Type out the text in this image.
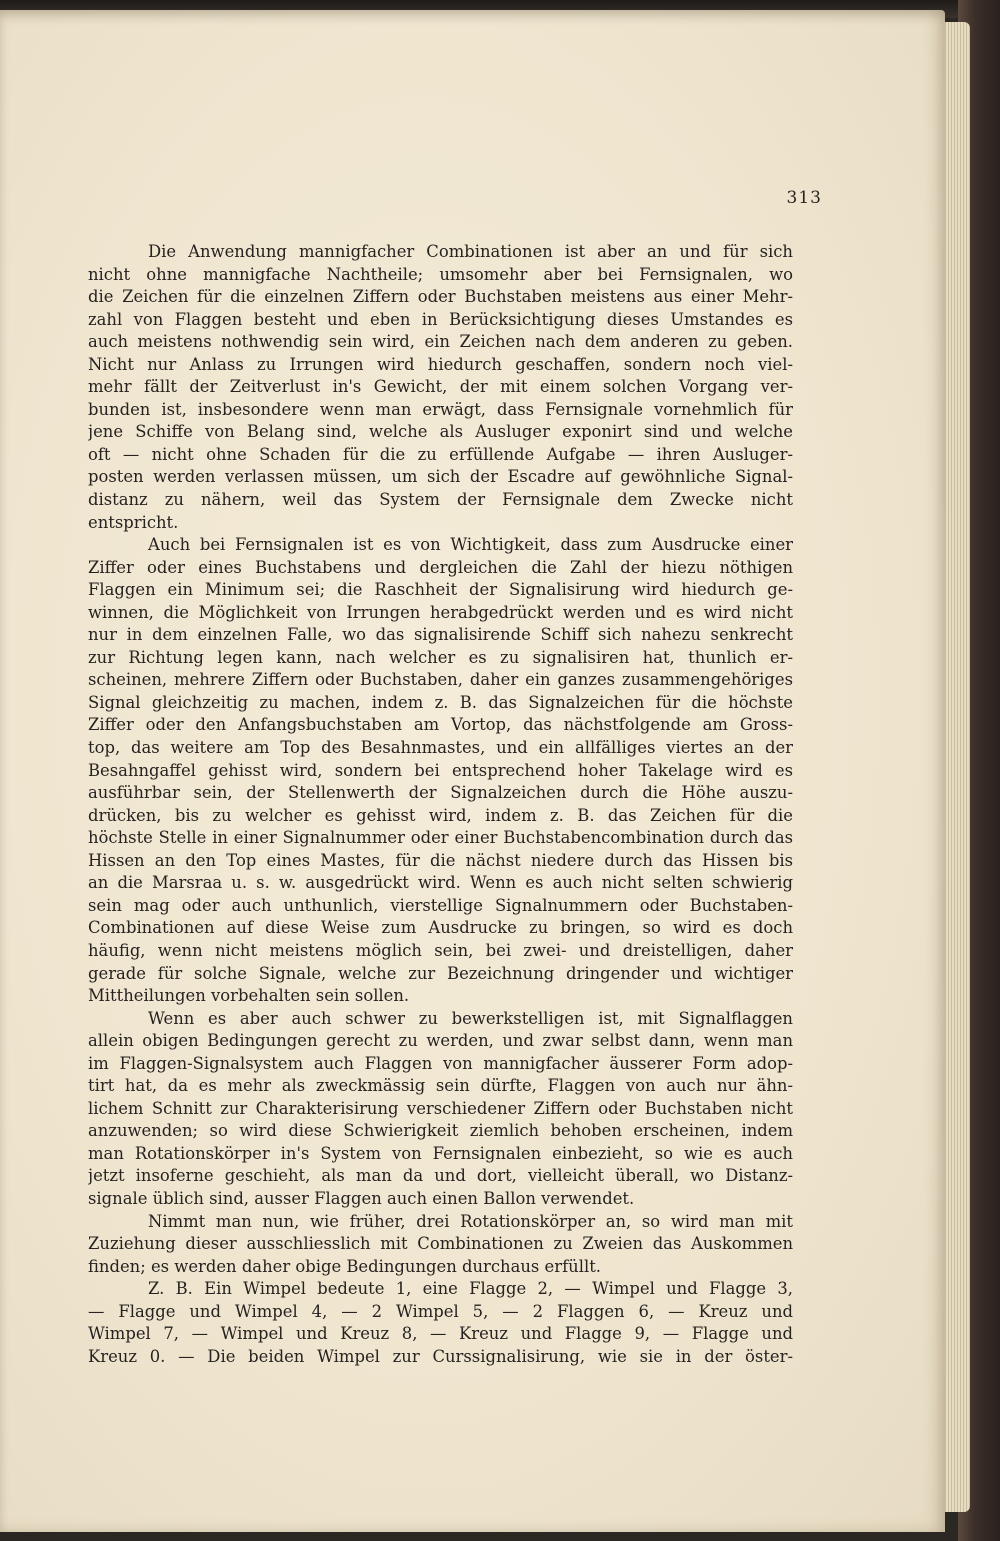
313
Die Anwendung mannigfacher Combinationen ist aber an und für sich
nicht ohne mannigfache Nachtheile; umsomehr aber bei Fernsignalen, wo
die Zeichen für die einzelnen Ziffern oder Buchstaben meistens aus einer Mehr-
zahl von Flaggen besteht und eben in Berücksichtigung dieses Umstandes es
auch meistens nothwendig sein wird, ein Zeichen nach dem anderen zu geben.
Nicht nur Anlass zu Irrungen wird hiedurch geschaffen, sondern noch viel-
mehr fällt der Zeitverlust in's Gewicht, der mit einem solchen Vorgang ver-
bunden ist, insbesondere wenn man erwägt, dass Fernsignale vornehmlich für
jene Schiffe von Belang sind, welche als Ausluger exponirt sind und welche
oft — nicht ohne Schaden für die zu erfüllende Aufgabe — ihren Ausluger-
posten werden verlassen müssen, um sich der Escadre auf gewöhnliche Signal-
distanz zu nähern, weil das System der Fernsignale dem Zwecke nicht
entspricht.
Auch bei Fernsignalen ist es von Wichtigkeit, dass zum Ausdrucke einer
Ziffer oder eines Buchstabens und dergleichen die Zahl der hiezu nöthigen
Flaggen ein Minimum sei; die Raschheit der Signalisirung wird hiedurch ge-
winnen, die Möglichkeit von Irrungen herabgedrückt werden und es wird nicht
nur in dem einzelnen Falle, wo das signalisirende Schiff sich nahezu senkrecht
zur Richtung legen kann, nach welcher es zu signalisiren hat, thunlich er-
scheinen, mehrere Ziffern oder Buchstaben, daher ein ganzes zusammengehöriges
Signal gleichzeitig zu machen, indem z. B. das Signalzeichen für die höchste
Ziffer oder den Anfangsbuchstaben am Vortop, das nächstfolgende am Gross-
top, das weitere am Top des Besahnmastes, und ein allfälliges viertes an der
Besahngaffel gehisst wird, sondern bei entsprechend hoher Takelage wird es
ausführbar sein, der Stellenwerth der Signalzeichen durch die Höhe auszu-
drücken, bis zu welcher es gehisst wird, indem z. B. das Zeichen für die
höchste Stelle in einer Signalnummer oder einer Buchstabencombination durch das
Hissen an den Top eines Mastes, für die nächst niedere durch das Hissen bis
an die Marsraa u. s. w. ausgedrückt wird. Wenn es auch nicht selten schwierig
sein mag oder auch unthunlich, vierstellige Signalnummern oder Buchstaben-
Combinationen auf diese Weise zum Ausdrucke zu bringen, so wird es doch
häufig, wenn nicht meistens möglich sein, bei zwei- und dreistelligen, daher
gerade für solche Signale, welche zur Bezeichnung dringender und wichtiger
Mittheilungen vorbehalten sein sollen.
Wenn es aber auch schwer zu bewerkstelligen ist, mit Signalflaggen
allein obigen Bedingungen gerecht zu werden, und zwar selbst dann, wenn man
im Flaggen-Signalsystem auch Flaggen von mannigfacher äusserer Form adop-
tirt hat, da es mehr als zweckmässig sein dürfte, Flaggen von auch nur ähn-
lichem Schnitt zur Charakterisirung verschiedener Ziffern oder Buchstaben nicht
anzuwenden; so wird diese Schwierigkeit ziemlich behoben erscheinen, indem
man Rotationskörper in's System von Fernsignalen einbezieht, so wie es auch
jetzt insoferne geschieht, als man da und dort, vielleicht überall, wo Distanz-
signale üblich sind, ausser Flaggen auch einen Ballon verwendet.
Nimmt man nun, wie früher, drei Rotationskörper an, so wird man mit
Zuziehung dieser ausschliesslich mit Combinationen zu Zweien das Auskommen
finden; es werden daher obige Bedingungen durchaus erfüllt.
Z. B. Ein Wimpel bedeute 1, eine Flagge 2, — Wimpel und Flagge 3,
— Flagge und Wimpel 4, — 2 Wimpel 5, — 2 Flaggen 6, — Kreuz und
Wimpel 7, — Wimpel und Kreuz 8, — Kreuz und Flagge 9, — Flagge und
Kreuz 0. — Die beiden Wimpel zur Curssignalisirung, wie sie in der öster-
